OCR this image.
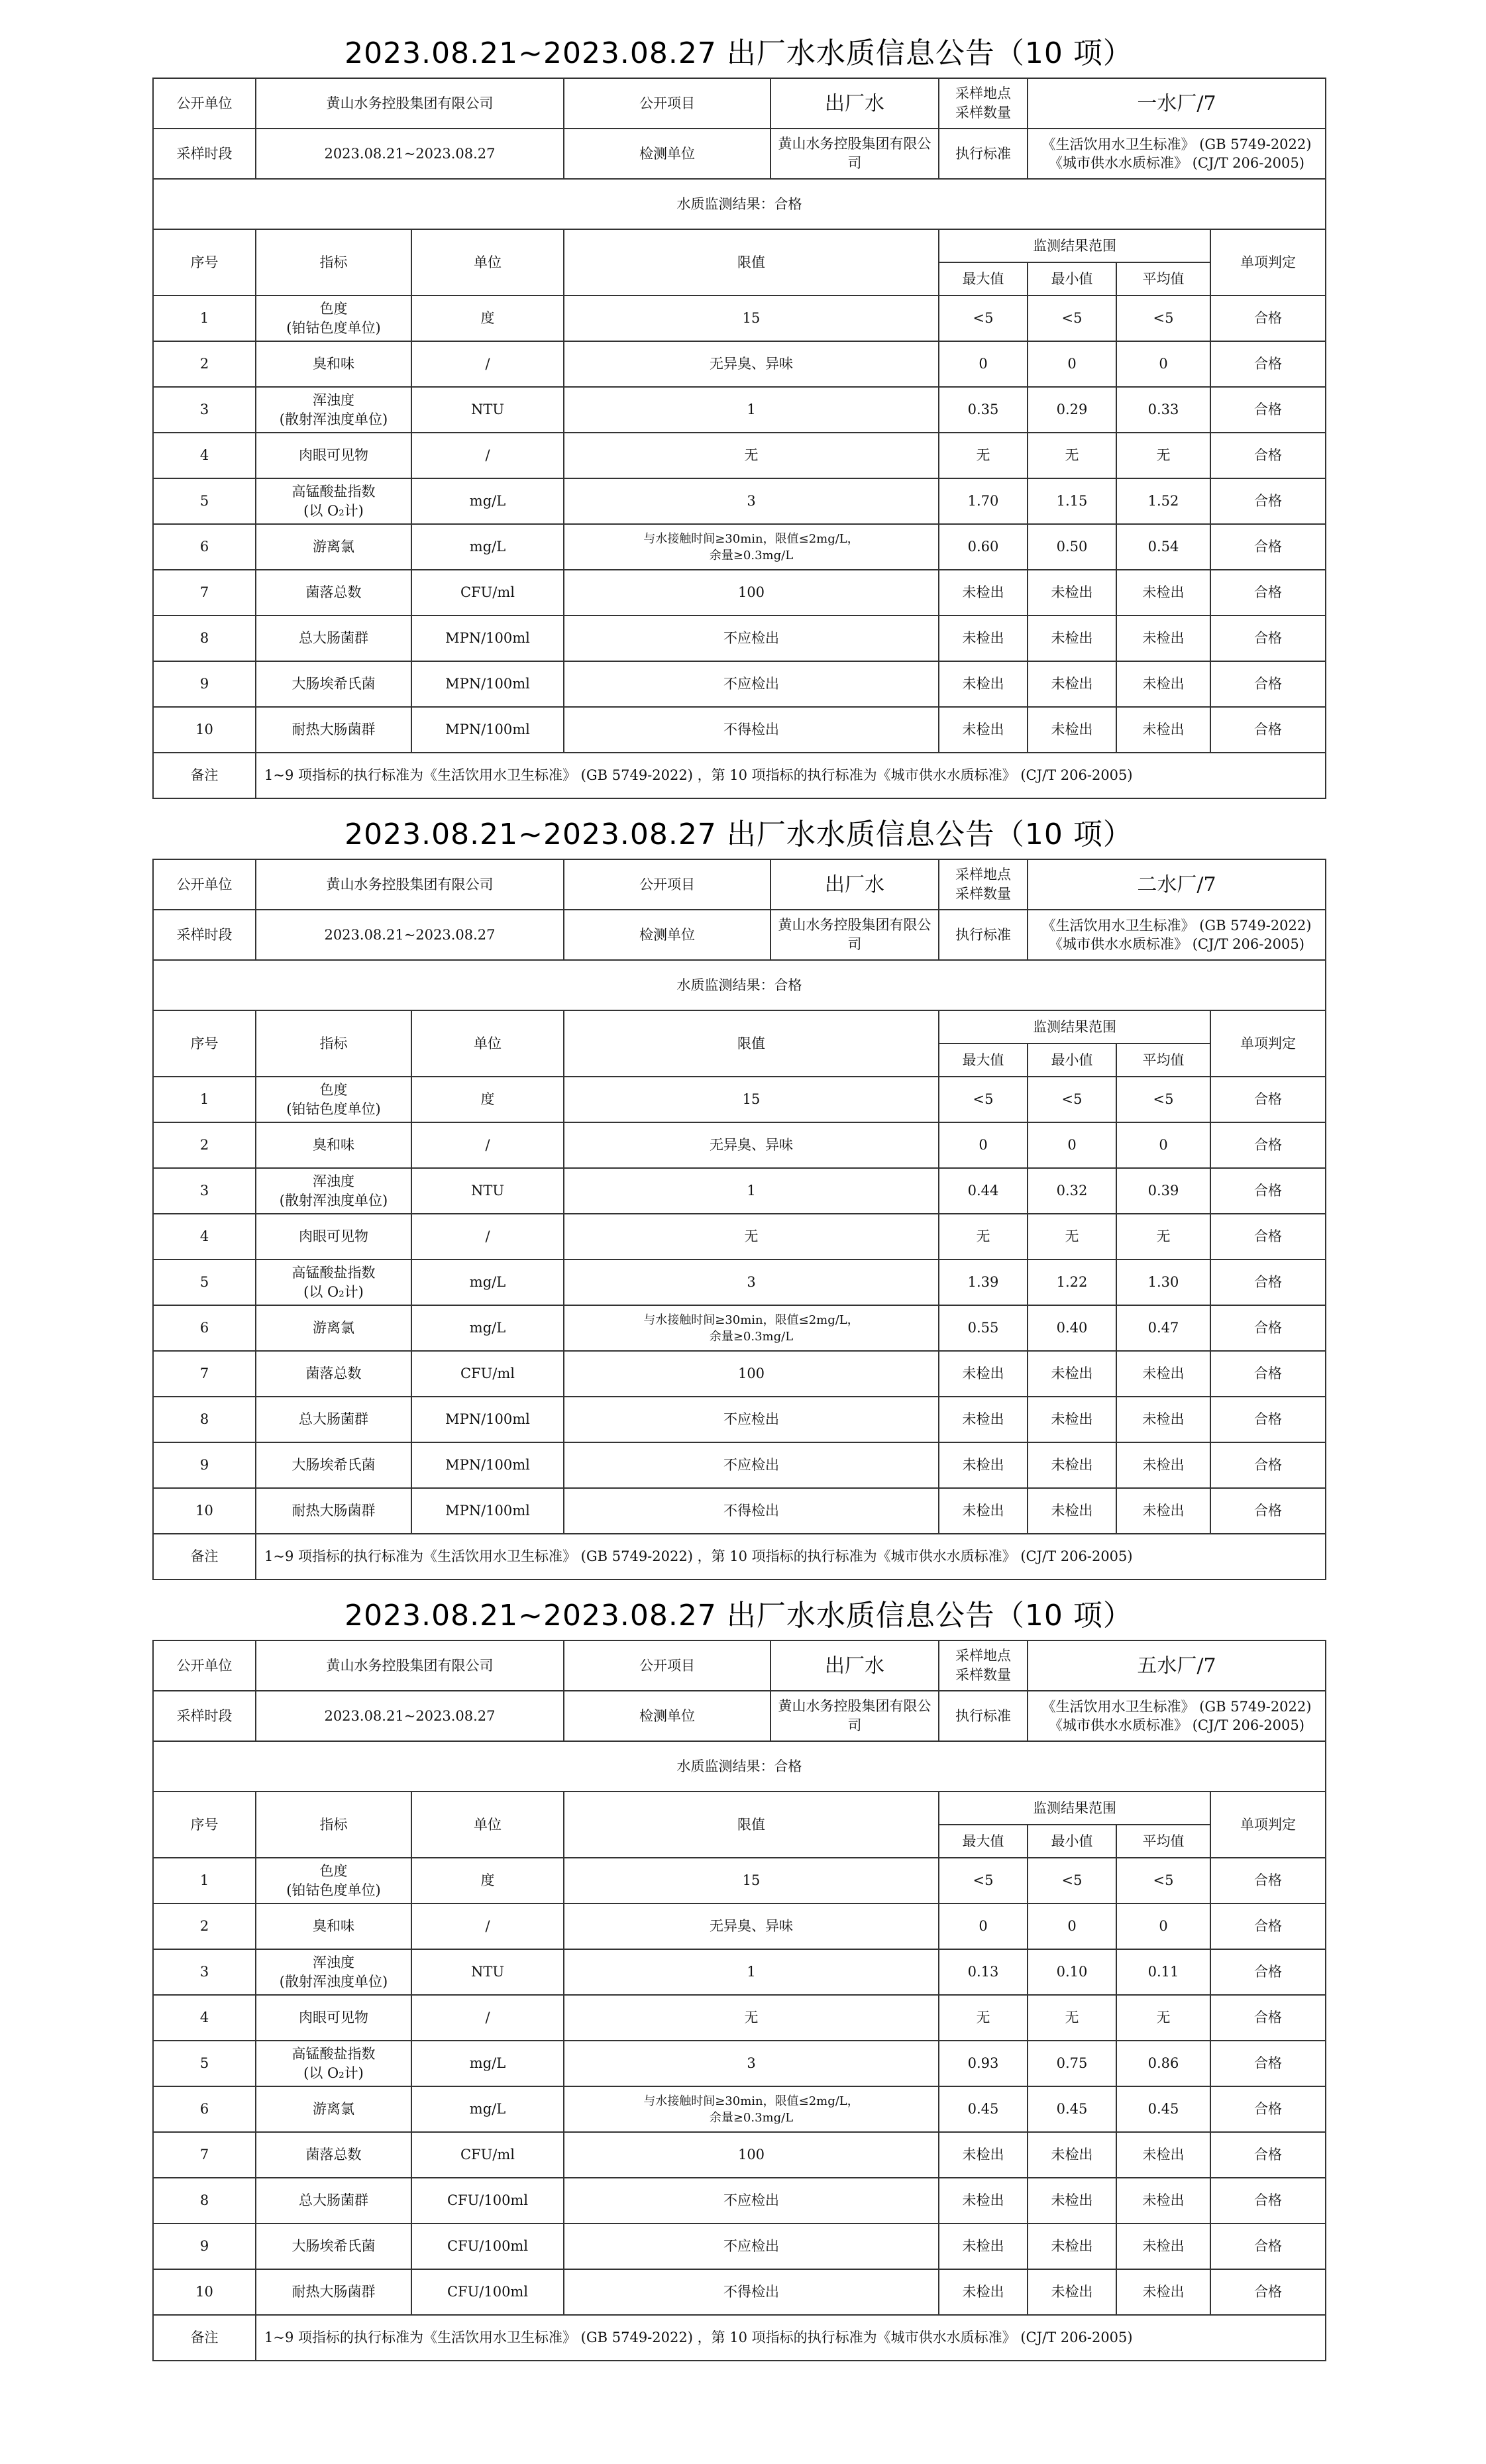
2023.08.21~2023.08.27 出厂水水质信息公告（10 项）
公开单位	黄山水务控股集团有限公司		公开项目	出厂水	采样地点
采样数量	一水厂/7		
采样时段	2023.08.21~2023.08.27		检测单位	黄山水务控股集团有限公司	执行标准	《生活饮用水卫生标准》 (GB 5749-2022)
《城市供水水质标准》 (CJ/T 206-2005)		

水质监测结果：合格								
序号	指标	单位	限值		监测结果范围			单项判定
					最大值	最小值	平均值	
1	色度
(铂钴色度单位)	度	15		<5	<5	<5	合格
2	臭和味	/	无异臭、异味		0	0	0	合格
3	浑浊度
(散射浑浊度单位)	NTU	1		0.35	0.29	0.33	合格
4	肉眼可见物	/	无		无	无	无	合格
5	高锰酸盐指数
(以 O₂计)	mg/L	3		1.70	1.15	1.52	合格
6	游离氯	mg/L	与水接触时间≥30min，限值≤2mg/L，
余量≥0.3mg/L		0.60	0.50	0.54	合格
7	菌落总数	CFU/ml	100		未检出	未检出	未检出	合格
8	总大肠菌群	MPN/100ml	不应检出		未检出	未检出	未检出	合格
9	大肠埃希氏菌	MPN/100ml	不应检出		未检出	未检出	未检出	合格
10	耐热大肠菌群	MPN/100ml	不得检出		未检出	未检出	未检出	合格
备注	1~9 项指标的执行标准为《生活饮用水卫生标准》 (GB 5749-2022) ，第 10 项指标的执行标准为《城市供水水质标准》 (CJ/T 206-2005)							
2023.08.21~2023.08.27 出厂水水质信息公告（10 项）
公开单位	黄山水务控股集团有限公司		公开项目	出厂水	采样地点
采样数量	二水厂/7		
采样时段	2023.08.21~2023.08.27		检测单位	黄山水务控股集团有限公司	执行标准	《生活饮用水卫生标准》 (GB 5749-2022)
《城市供水水质标准》 (CJ/T 206-2005)		

水质监测结果：合格								
序号	指标	单位	限值		监测结果范围			单项判定
					最大值	最小值	平均值	
1	色度
(铂钴色度单位)	度	15		<5	<5	<5	合格
2	臭和味	/	无异臭、异味		0	0	0	合格
3	浑浊度
(散射浑浊度单位)	NTU	1		0.44	0.32	0.39	合格
4	肉眼可见物	/	无		无	无	无	合格
5	高锰酸盐指数
(以 O₂计)	mg/L	3		1.39	1.22	1.30	合格
6	游离氯	mg/L	与水接触时间≥30min，限值≤2mg/L，
余量≥0.3mg/L		0.55	0.40	0.47	合格
7	菌落总数	CFU/ml	100		未检出	未检出	未检出	合格
8	总大肠菌群	MPN/100ml	不应检出		未检出	未检出	未检出	合格
9	大肠埃希氏菌	MPN/100ml	不应检出		未检出	未检出	未检出	合格
10	耐热大肠菌群	MPN/100ml	不得检出		未检出	未检出	未检出	合格
备注	1~9 项指标的执行标准为《生活饮用水卫生标准》 (GB 5749-2022) ，第 10 项指标的执行标准为《城市供水水质标准》 (CJ/T 206-2005)							
2023.08.21~2023.08.27 出厂水水质信息公告（10 项）
公开单位	黄山水务控股集团有限公司		公开项目	出厂水	采样地点
采样数量	五水厂/7		
采样时段	2023.08.21~2023.08.27		检测单位	黄山水务控股集团有限公司	执行标准	《生活饮用水卫生标准》 (GB 5749-2022)
《城市供水水质标准》 (CJ/T 206-2005)		

水质监测结果：合格								
序号	指标	单位	限值		监测结果范围			单项判定
					最大值	最小值	平均值	
1	色度
(铂钴色度单位)	度	15		<5	<5	<5	合格
2	臭和味	/	无异臭、异味		0	0	0	合格
3	浑浊度
(散射浑浊度单位)	NTU	1		0.13	0.10	0.11	合格
4	肉眼可见物	/	无		无	无	无	合格
5	高锰酸盐指数
(以 O₂计)	mg/L	3		0.93	0.75	0.86	合格
6	游离氯	mg/L	与水接触时间≥30min，限值≤2mg/L，
余量≥0.3mg/L		0.45	0.45	0.45	合格
7	菌落总数	CFU/ml	100		未检出	未检出	未检出	合格
8	总大肠菌群	CFU/100ml	不应检出		未检出	未检出	未检出	合格
9	大肠埃希氏菌	CFU/100ml	不应检出		未检出	未检出	未检出	合格
10	耐热大肠菌群	CFU/100ml	不得检出		未检出	未检出	未检出	合格
备注	1~9 项指标的执行标准为《生活饮用水卫生标准》 (GB 5749-2022) ，第 10 项指标的执行标准为《城市供水水质标准》 (CJ/T 206-2005)							
